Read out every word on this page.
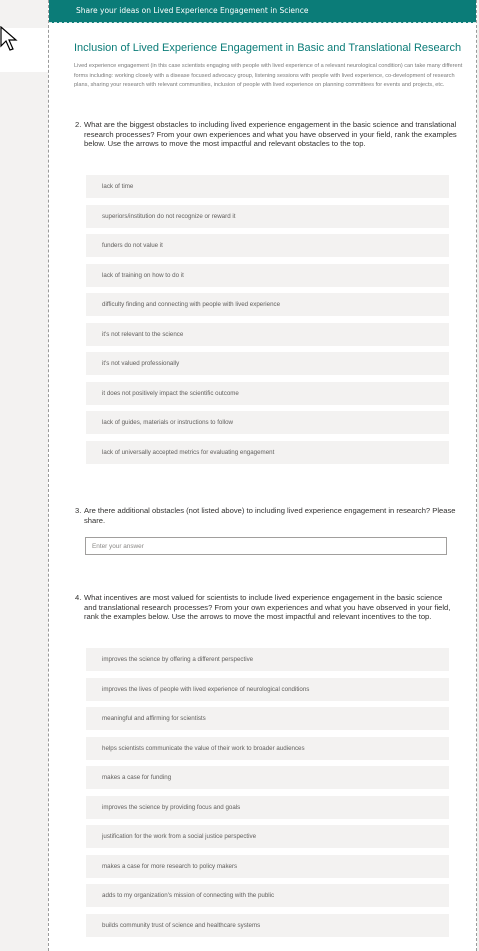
Share your ideas on Lived Experience Engagement in Science
Inclusion of Lived Experience Engagement in Basic and Translational Research
Lived experience engagement (in this case scientists engaging with people with lived experience of a relevant neurological condition) can take many different forms including: working closely with a disease focused advocacy group, listening sessions with people with lived experience, co-development of research plans, sharing your research with relevant communities, inclusion of people with lived experience on planning committees for events and projects, etc.
2. What are the biggest obstacles to including lived experience engagement in the basic science and translational research processes? From your own experiences and what you have observed in your field, rank the examples below. Use the arrows to move the most impactful and relevant obstacles to the top.
lack of time
superiors/institution do not recognize or reward it
funders do not value it
lack of training on how to do it
difficulty finding and connecting with people with lived experience
it's not relevant to the science
it's not valued professionally
it does not positively impact the scientific outcome
lack of guides, materials or instructions to follow
lack of universally accepted metrics for evaluating engagement
3. Are there additional obstacles (not listed above) to including lived experience engagement in research? Please share.
Enter your answer
4. What incentives are most valued for scientists to include lived experience engagement in the basic science and translational research processes? From your own experiences and what you have observed in your field, rank the examples below. Use the arrows to move the most impactful and relevant incentives to the top.
improves the science by offering a different perspective
improves the lives of people with lived experience of neurological conditions
meaningful and affirming for scientists
helps scientists communicate the value of their work to broader audiences
makes a case for funding
improves the science by providing focus and goals
justification for the work from a social justice perspective
makes a case for more research to policy makers
adds to my organization's mission of connecting with the public
builds community trust of science and healthcare systems
